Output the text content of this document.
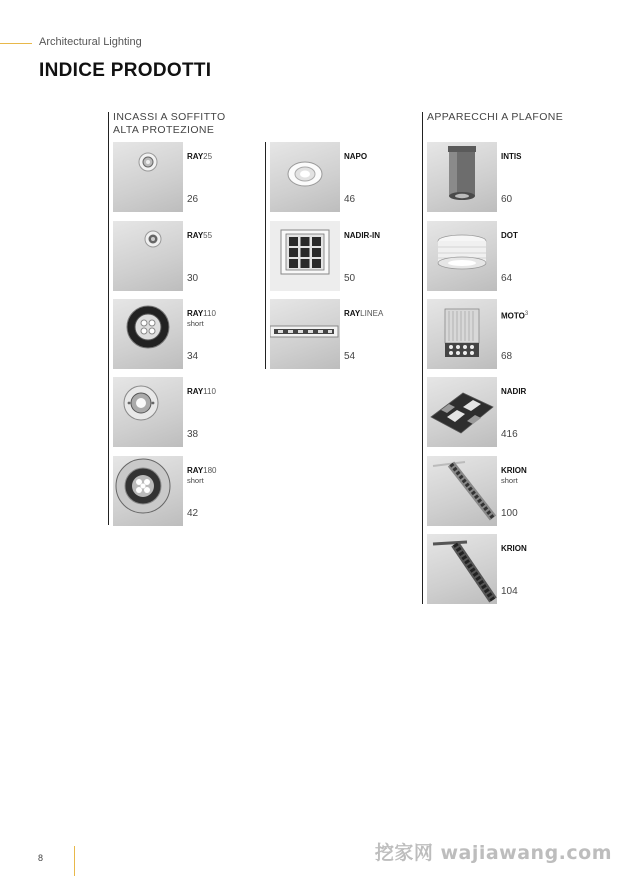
Architectural Lighting
INDICE PRODOTTI
INCASSI A SOFFITTO
ALTA PROTEZIONE
RAY25
26
RAY55
30
RAY110
short
34
RAY110
38
RAY180
short
42
NAPO
46
NADIR-IN
50
RAYLINEA
54
APPARECCHI A PLAFONE
INTIS
60
DOT
64
MOTO$^3$
68
NADIR
416
KRION
short
100
KRION
104
8	挖家网 wajiawang.com
